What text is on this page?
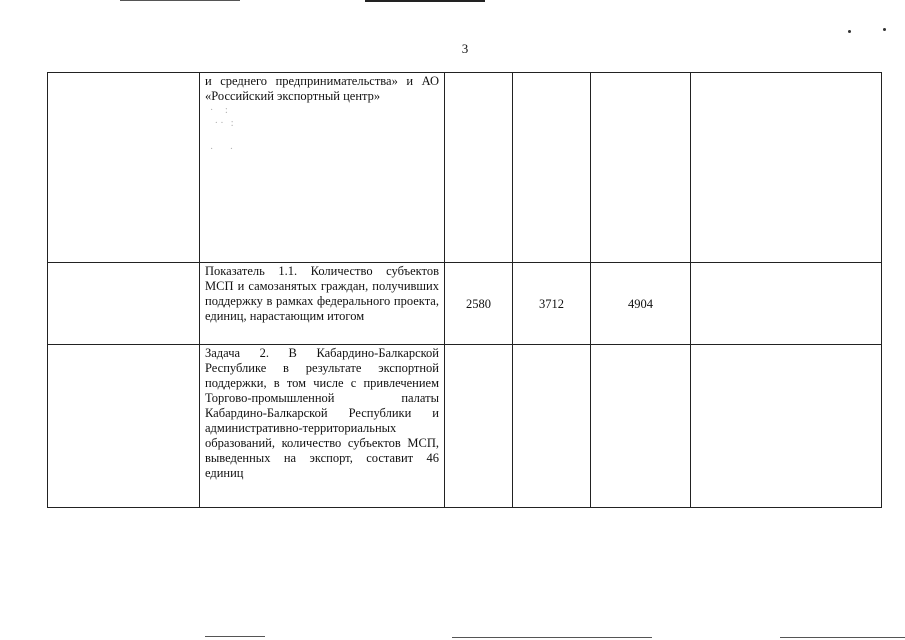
3

	и среднего предпринимательства» и АО «Российский экспортный центр»
·  :
·· :

·   ·				

	Показатель 1.1. Количество субъектов МСП и самозанятых граждан, получивших поддержку в рамках федерального проекта, единиц, нарастающим итогом	2580	3712	4904	
	Задача 2. В Кабардино-Балкарской Республике в результате экспортной поддержки, в том числе с привлечением Торгово-промышленной палаты Кабардино-Балкарской Республики и административно-территориальных образований, количество субъектов МСП, выведенных на экспорт, составит 46 единиц				
